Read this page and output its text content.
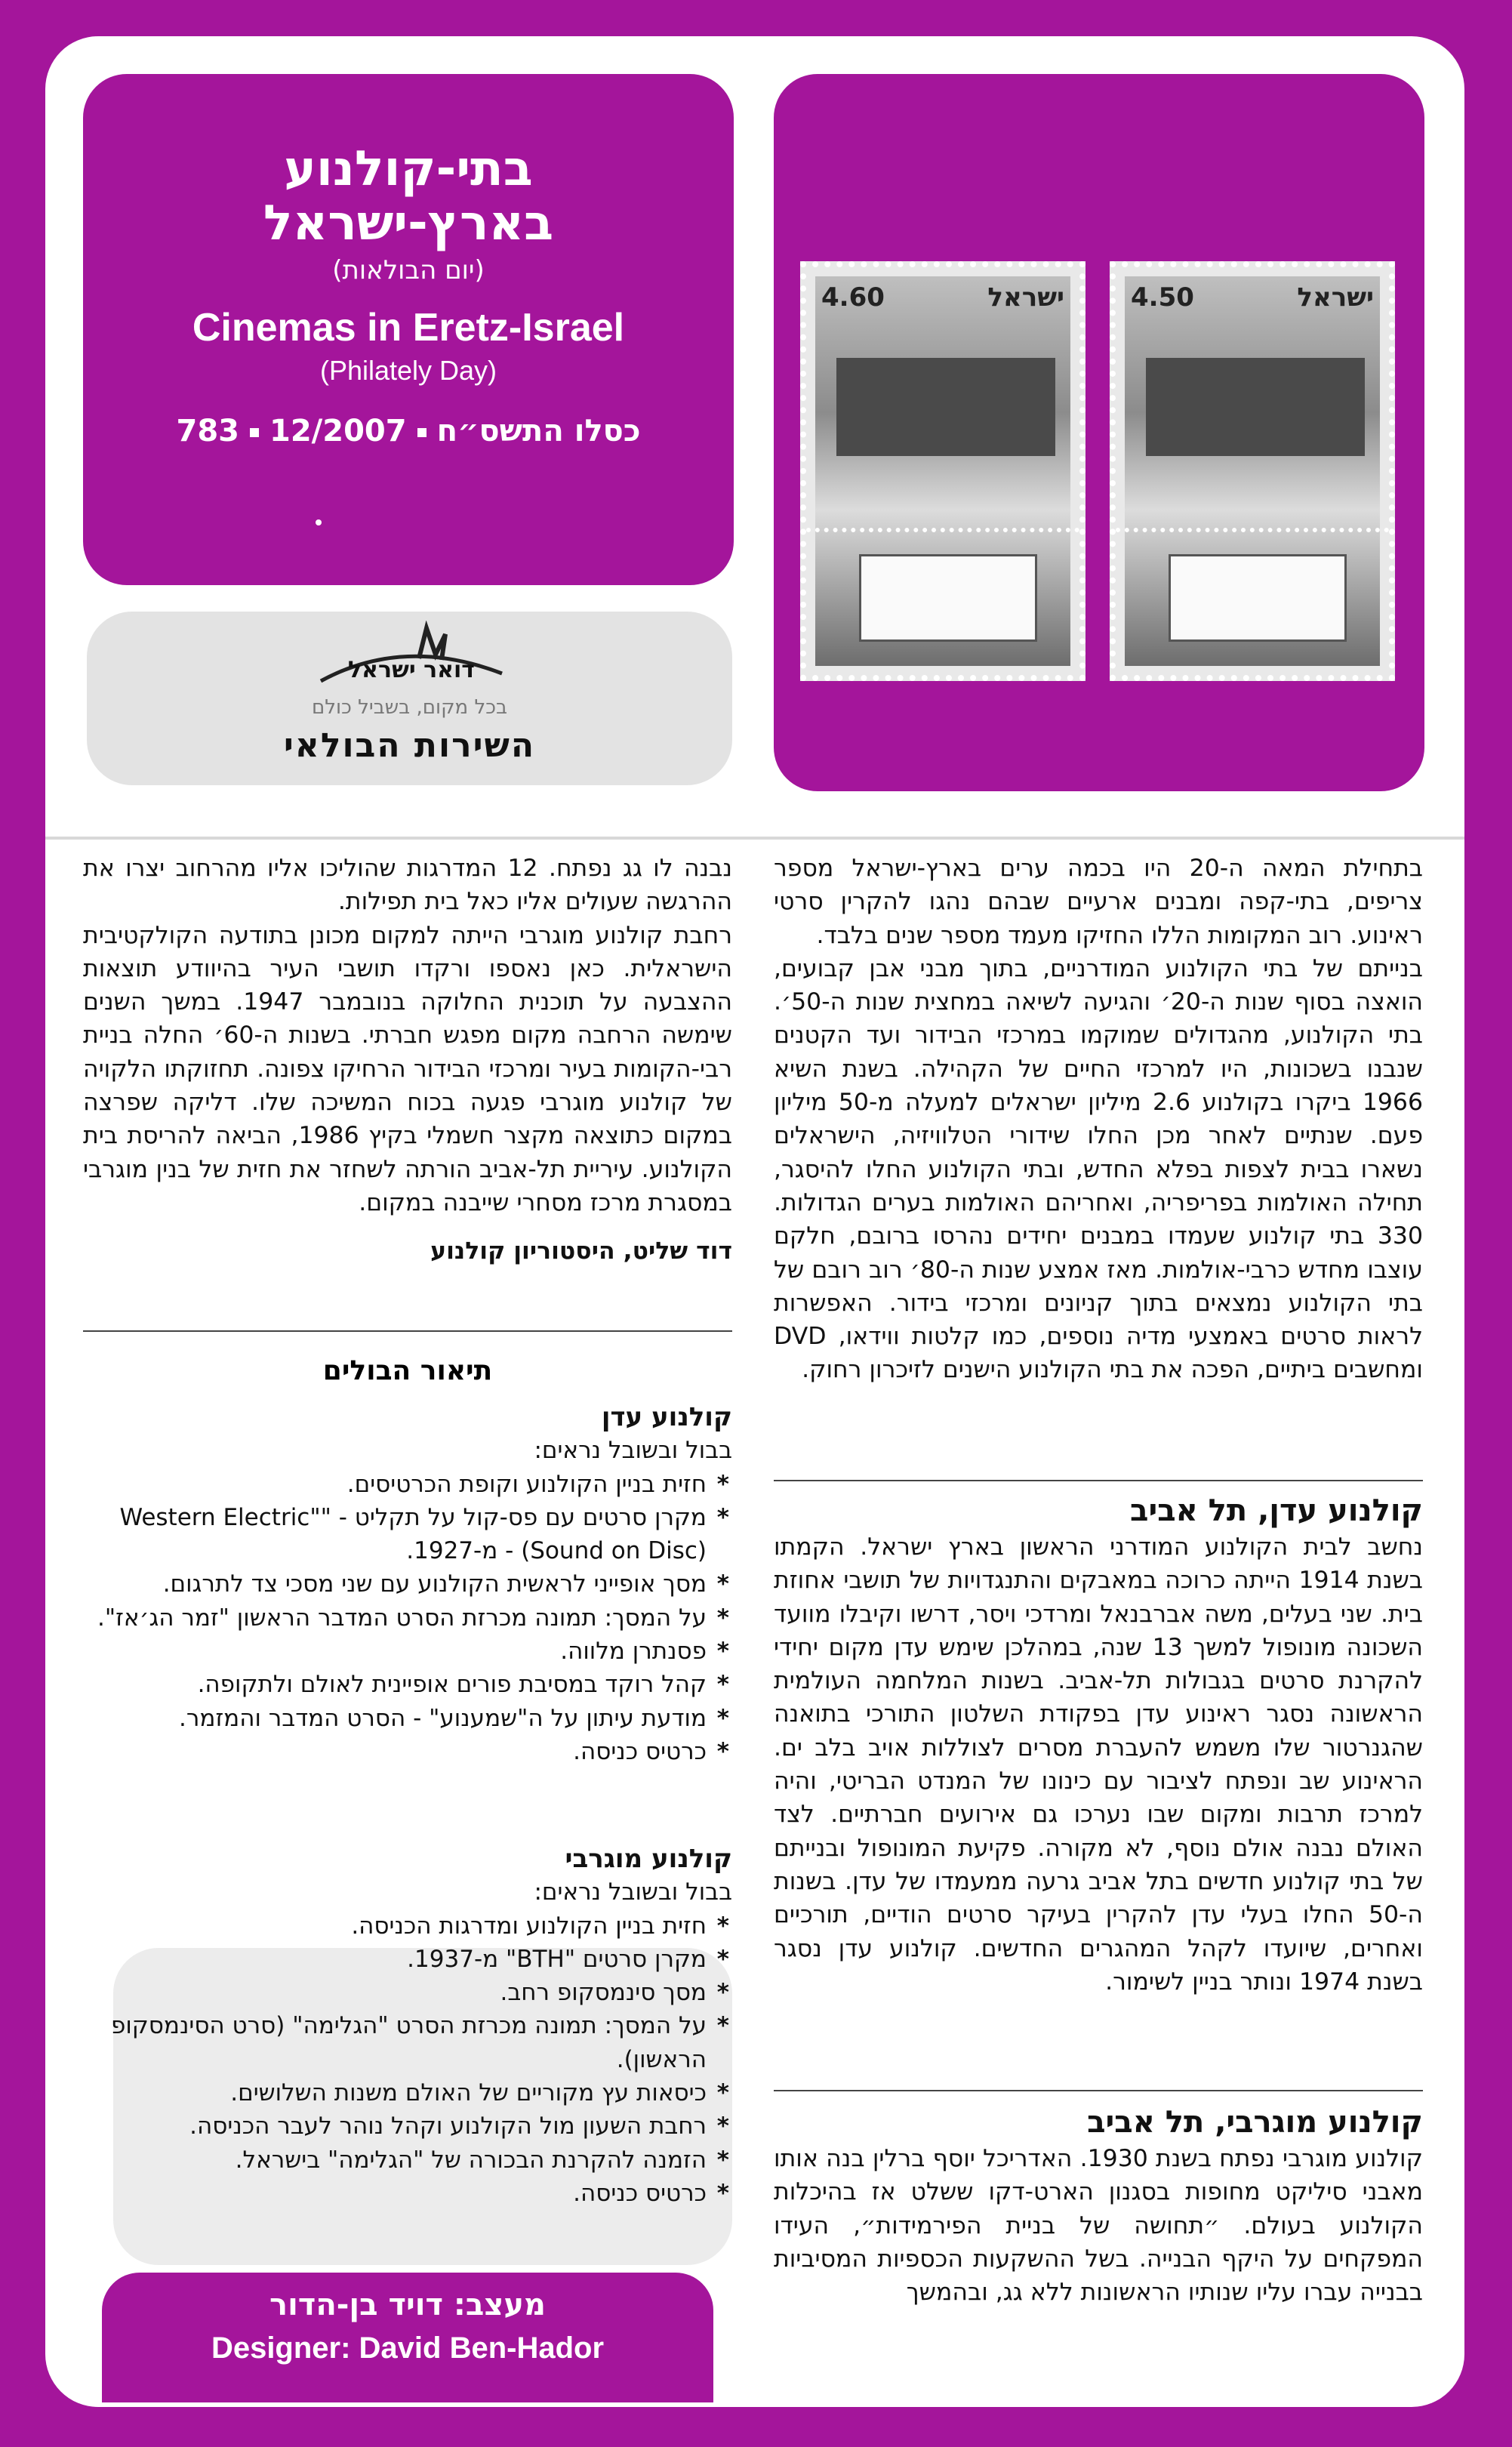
בתי-קולנוע
בארץ-ישראל
(יום הבולאות)
Cinemas in Eretz-Israel
(Philately Day)
כסלו התשס״ח12/2007783
4.60	ישראל	4.50	ישראל
דואר ישראל
בכל מקום, בשביל כולם
השירות הבולאי

בתחילת המאה ה-20 היו בכמה ערים בארץ-ישראל מספר צריפים, בתי-קפה ומבנים ארעיים שבהם נהגו להקרין סרטי ראינוע. רוב המקומות הללו החזיקו מעמד מספר שנים בלבד.

בנייתם של בתי הקולנוע המודרניים, בתוך מבני אבן קבועים, הואצה בסוף שנות ה-20׳ והגיעה לשיאה במחצית שנות ה-50׳. בתי הקולנוע, מהגדולים שמוקמו במרכזי הבידור ועד הקטנים שנבנו בשכונות, היו למרכזי החיים של הקהילה. בשנת השיא 1966 ביקרו בקולנוע 2.6 מיליון ישראלים למעלה מ-50 מיליון פעם. שנתיים לאחר מכן החלו שידורי הטלוויזיה, הישראלים נשארו בבית לצפות בפלא החדש, ובתי הקולנוע החלו להיסגר, תחילה האולמות בפריפריה, ואחריהם האולמות בערים הגדולות. 330 בתי קולנוע שעמדו במבנים יחידים נהרסו ברובם, חלקם עוצבו מחדש כרבי-אולמות. מאז אמצע שנות ה-80׳ רוב רובם של בתי הקולנוע נמצאים בתוך קניונים ומרכזי בידור. האפשרות לראות סרטים באמצעי מדיה נוספים, כמו קלטות ווידאו, DVD ומחשבים ביתיים, הפכה את בתי הקולנוע הישנים לזיכרון רחוק.

קולנוע עדן, תל אביב

נחשב לבית הקולנוע המודרני הראשון בארץ ישראל. הקמתו בשנת 1914 הייתה כרוכה במאבקים והתנגדויות של תושבי אחוזת בית. שני בעלים, משה אברבנאל ומרדכי ויסר, דרשו וקיבלו מוועד השכונה מונופול למשך 13 שנה, במהלכן שימש עדן מקום יחידי להקרנת סרטים בגבולות תל-אביב. בשנות המלחמה העולמית הראשונה נסגר ראינוע עדן בפקודת השלטון התורכי בתואנה שהגנרטור שלו משמש להעברת מסרים לצוללות אויב בלב ים. הראינוע שב ונפתח לציבור עם כינונו של המנדט הבריטי, והיה למרכז תרבות ומקום שבו נערכו גם אירועים חברתיים. לצד האולם נבנה אולם נוסף, לא מקורה. פקיעת המונופול ובנייתם של בתי קולנוע חדשים בתל אביב גרעה ממעמדו של עדן. בשנות ה-50 החלו בעלי עדן להקרין בעיקר סרטים הודיים, תורכיים ואחרים, שיועדו לקהל המהגרים החדשים. קולנוע עדן נסגר בשנת 1974 ונותר בניין לשימור.

קולנוע מוגרבי, תל אביב

קולנוע מוגרבי נפתח בשנת 1930. האדריכל יוסף ברלין בנה אותו מאבני סיליקט מחופות בסגנון הארט-דקו ששלט אז בהיכלות הקולנוע בעולם. ״תחושה של בניית הפירמידות״, העידו המפקחים על היקף הבנייה. בשל ההשקעות הכספיות המסיביות בבנייה עברו עליו שנותיו הראשונות ללא גג, ובהמשך

נבנה לו גג נפתח. 12 המדרגות שהוליכו אליו מהרחוב יצרו את ההרגשה שעולים אליו כאל בית תפילות.

רחבת קולנוע מוגרבי הייתה למקום מכונן בתודעה הקולקטיבית הישראלית. כאן נאספו ורקדו תושבי העיר בהיוודע תוצאות ההצבעה על תוכנית החלוקה בנובמבר 1947. במשך השנים שימשה הרחבה מקום מפגש חברתי. בשנות ה-60׳ החלה בניית רבי-הקומות בעיר ומרכזי הבידור הרחיקו צפונה. תחזוקתו הלקויה של קולנוע מוגרבי פגעה בכוח המשיכה שלו. דליקה שפרצה במקום כתוצאה מקצר חשמלי בקיץ 1986, הביאה להריסת בית הקולנוע. עיריית תל-אביב הורתה לשחזר את חזית של בנין מוגרבי במסגרת מרכז מסחרי שייבנה במקום.

דוד שליט, היסטוריון קולנוע

תיאור הבולים
קולנוע עדן
בבול ובשובל נראים:
* חזית בניין הקולנוע וקופת הכרטיסים.
* מקרן סרטים עם פס-קול על תקליט - "Western Electric" (Sound on Disc) - מ-1927.
* מסך אופייני לראשית הקולנוע עם שני מסכי צד לתרגום.
* על המסך: תמונה מכרזת הסרט המדבר הראשון "זמר הג׳אז".
* פסנתרן מלווה.
* קהל רוקד במסיבת פורים אופיינית לאולם ולתקופה.
* מודעת עיתון על ה"שמענוע" - הסרט המדבר והמזמר.
* כרטיס כניסה.
קולנוע מוגרבי
בבול ובשובל נראים:
* חזית בניין הקולנוע ומדרגות הכניסה.
* מקרן סרטים "BTH" מ-1937.
* מסך סינמסקופ רחב.
* על המסך: תמונה מכרזת הסרט "הגלימה" (סרט הסינמסקופ הראשון).
* כיסאות עץ מקוריים של האולם משנות השלושים.
* רחבת השעון מול הקולנוע וקהל נוהר לעבר הכניסה.
* הזמנה להקרנת הבכורה של "הגלימה" בישראל.
* כרטיס כניסה.
מעצב: דויד בן-הדור
Designer: David Ben-Hador
